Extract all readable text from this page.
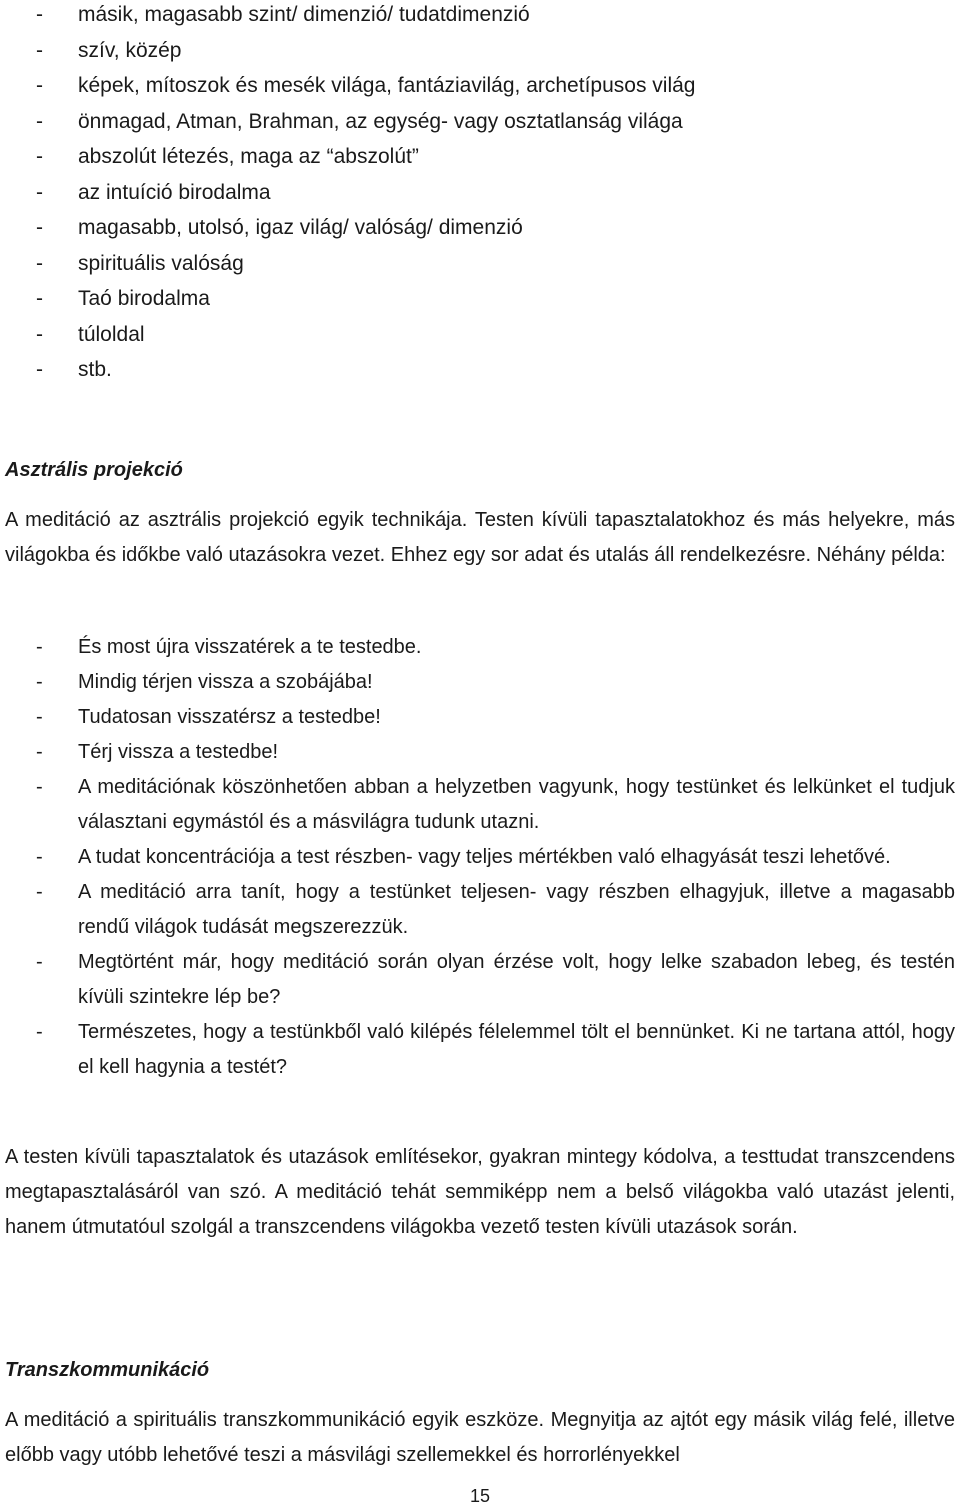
- másik, magasabb szint/ dimenzió/ tudatdimenzió
- szív, közép
- képek, mítoszok és mesék világa, fantáziavilág, archetípusos világ
- önmagad, Atman, Brahman, az egység- vagy osztatlanság világa
- abszolút létezés, maga az “abszolút”
- az intuíció birodalma
- magasabb, utolsó, igaz világ/ valóság/ dimenzió
- spirituális valóság
- Taó birodalma
- túloldal
- stb.
Asztrális projekció

A meditáció az asztrális projekció egyik technikája. Testen kívüli tapasztalatokhoz és más helyekre, más világokba és időkbe való utazásokra vezet. Ehhez egy sor adat és utalás áll rendelkezésre. Néhány példa:

- És most újra visszatérek a te testedbe.
- Mindig térjen vissza a szobájába!
- Tudatosan visszatérsz a testedbe!
- Térj vissza a testedbe!
- A meditációnak köszönhetően abban a helyzetben vagyunk, hogy testünket és lelkünket el tudjuk választani egymástól és a másvilágra tudunk utazni.
- A tudat koncentrációja a test részben- vagy teljes mértékben való elhagyását teszi lehetővé.
- A meditáció arra tanít, hogy a testünket teljesen- vagy részben elhagyjuk, illetve a magasabb rendű világok tudását megszerezzük.
- Megtörtént már, hogy meditáció során olyan érzése volt, hogy lelke szabadon lebeg, és testén kívüli szintekre lép be?
- Természetes, hogy a testünkből való kilépés félelemmel tölt el bennünket. Ki ne tartana attól, hogy el kell hagynia a testét?

A testen kívüli tapasztalatok és utazások említésekor, gyakran mintegy kódolva, a testtudat transzcendens megtapasztalásáról van szó. A meditáció tehát semmiképp nem a belső világokba való utazást jelenti, hanem útmutatóul szolgál a transzcendens világokba vezető testen kívüli utazások során.

Transzkommunikáció

A meditáció a spirituális transzkommunikáció egyik eszköze. Megnyitja az ajtót egy másik világ felé, illetve előbb vagy utóbb lehetővé teszi a másvilági szellemekkel és horrorlényekkel

15
